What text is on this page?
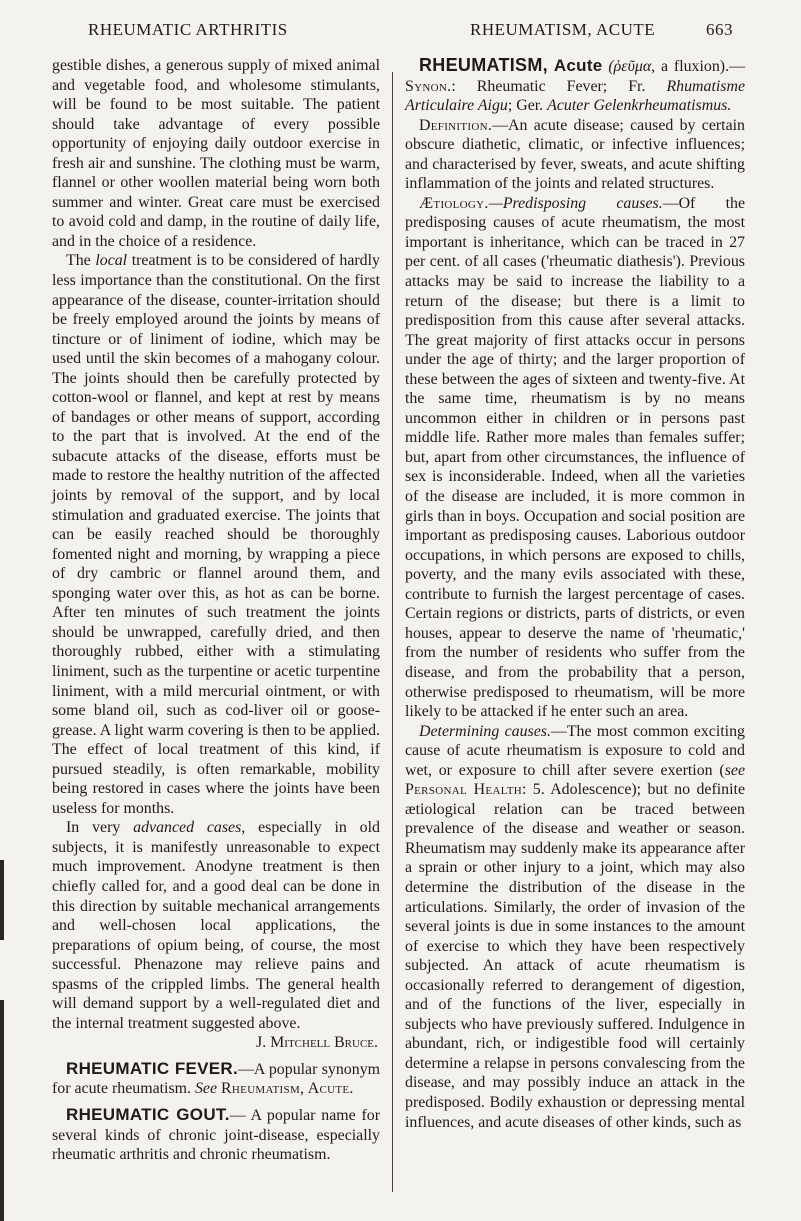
RHEUMATIC ARTHRITIS	RHEUMATISM, ACUTE	663

gestible dishes, a generous supply of mixed animal and vegetable food, and wholesome stimulants, will be found to be most suitable. The patient should take advantage of every possible opportunity of enjoying daily outdoor exercise in fresh air and sunshine. The clothing must be warm, flannel or other woollen material being worn both summer and winter. Great care must be exercised to avoid cold and damp, in the routine of daily life, and in the choice of a residence.

The local treatment is to be considered of hardly less importance than the constitutional. On the first appearance of the disease, counter-irritation should be freely employed around the joints by means of tincture or of liniment of iodine, which may be used until the skin becomes of a mahogany colour. The joints should then be carefully protected by cotton-wool or flannel, and kept at rest by means of bandages or other means of support, according to the part that is involved. At the end of the subacute attacks of the disease, efforts must be made to restore the healthy nutrition of the affected joints by removal of the support, and by local stimulation and graduated exercise. The joints that can be easily reached should be thoroughly fomented night and morning, by wrapping a piece of dry cambric or flannel around them, and sponging water over this, as hot as can be borne. After ten minutes of such treatment the joints should be unwrapped, carefully dried, and then thoroughly rubbed, either with a stimulating liniment, such as the turpentine or acetic turpentine liniment, with a mild mercurial ointment, or with some bland oil, such as cod-liver oil or goose-grease. A light warm covering is then to be applied. The effect of local treatment of this kind, if pursued steadily, is often remarkable, mobility being restored in cases where the joints have been useless for months.

In very advanced cases, especially in old subjects, it is manifestly unreasonable to expect much improvement. Anodyne treatment is then chiefly called for, and a good deal can be done in this direction by suitable mechanical arrangements and well-chosen local applications, the preparations of opium being, of course, the most successful. Phenazone may relieve pains and spasms of the crippled limbs. The general health will demand support by a well-regulated diet and the internal treatment suggested above.

J. Mitchell Bruce.

RHEUMATIC FEVER.—A popular synonym for acute rheumatism. See Rheumatism, Acute.

RHEUMATIC GOUT.— A popular name for several kinds of chronic joint-disease, especially rheumatic arthritis and chronic rheumatism.

RHEUMATISM, Acute (ῥεῦμα, a fluxion).—Synon.: Rheumatic Fever; Fr. Rhumatisme Articulaire Aigu; Ger. Acuter Gelenkrheumatismus.

Definition.—An acute disease; caused by certain obscure diathetic, climatic, or infective influences; and characterised by fever, sweats, and acute shifting inflammation of the joints and related structures.

Ætiology.—Predisposing causes.—Of the predisposing causes of acute rheumatism, the most important is inheritance, which can be traced in 27 per cent. of all cases ('rheumatic diathesis'). Previous attacks may be said to increase the liability to a return of the disease; but there is a limit to predisposition from this cause after several attacks. The great majority of first attacks occur in persons under the age of thirty; and the larger proportion of these between the ages of sixteen and twenty-five. At the same time, rheumatism is by no means uncommon either in children or in persons past middle life. Rather more males than females suffer; but, apart from other circumstances, the influence of sex is inconsiderable. Indeed, when all the varieties of the disease are included, it is more common in girls than in boys. Occupation and social position are important as predisposing causes. Laborious outdoor occupations, in which persons are exposed to chills, poverty, and the many evils associated with these, contribute to furnish the largest percentage of cases. Certain regions or districts, parts of districts, or even houses, appear to deserve the name of 'rheumatic,' from the number of residents who suffer from the disease, and from the probability that a person, otherwise predisposed to rheumatism, will be more likely to be attacked if he enter such an area.

Determining causes.—The most common exciting cause of acute rheumatism is exposure to cold and wet, or exposure to chill after severe exertion (see Personal Health: 5. Adolescence); but no definite ætiological relation can be traced between prevalence of the disease and weather or season. Rheumatism may suddenly make its appearance after a sprain or other injury to a joint, which may also determine the distribution of the disease in the articulations. Similarly, the order of invasion of the several joints is due in some instances to the amount of exercise to which they have been respectively subjected. An attack of acute rheumatism is occasionally referred to derangement of digestion, and of the functions of the liver, especially in subjects who have previously suffered. Indulgence in abundant, rich, or indigestible food will certainly determine a relapse in persons convalescing from the disease, and may possibly induce an attack in the predisposed. Bodily exhaustion or depressing mental influences, and acute diseases of other kinds, such as
